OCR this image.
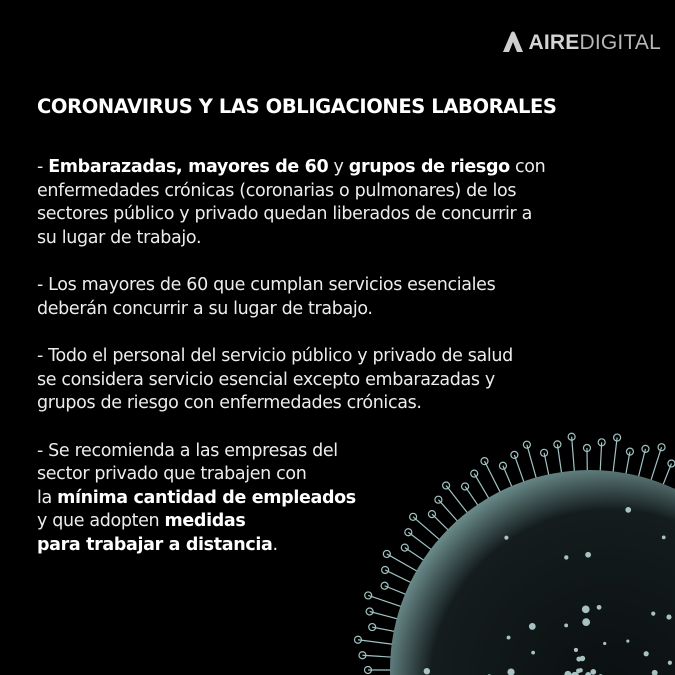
AIREDIGITAL
CORONAVIRUS Y LAS OBLIGACIONES LABORALES
- Embarazadas, mayores de 60 y grupos de riesgo con
enfermedades crónicas (coronarias o pulmonares) de los
sectores público y privado quedan liberados de concurrir a
su lugar de trabajo.
- Los mayores de 60 que cumplan servicios esenciales
deberán concurrir a su lugar de trabajo.
- Todo el personal del servicio público y privado de salud
se considera servicio esencial excepto embarazadas y
grupos de riesgo con enfermedades crónicas.
- Se recomienda a las empresas del
sector privado que trabajen con
la mínima cantidad de empleados
y que adopten medidas
para trabajar a distancia.
